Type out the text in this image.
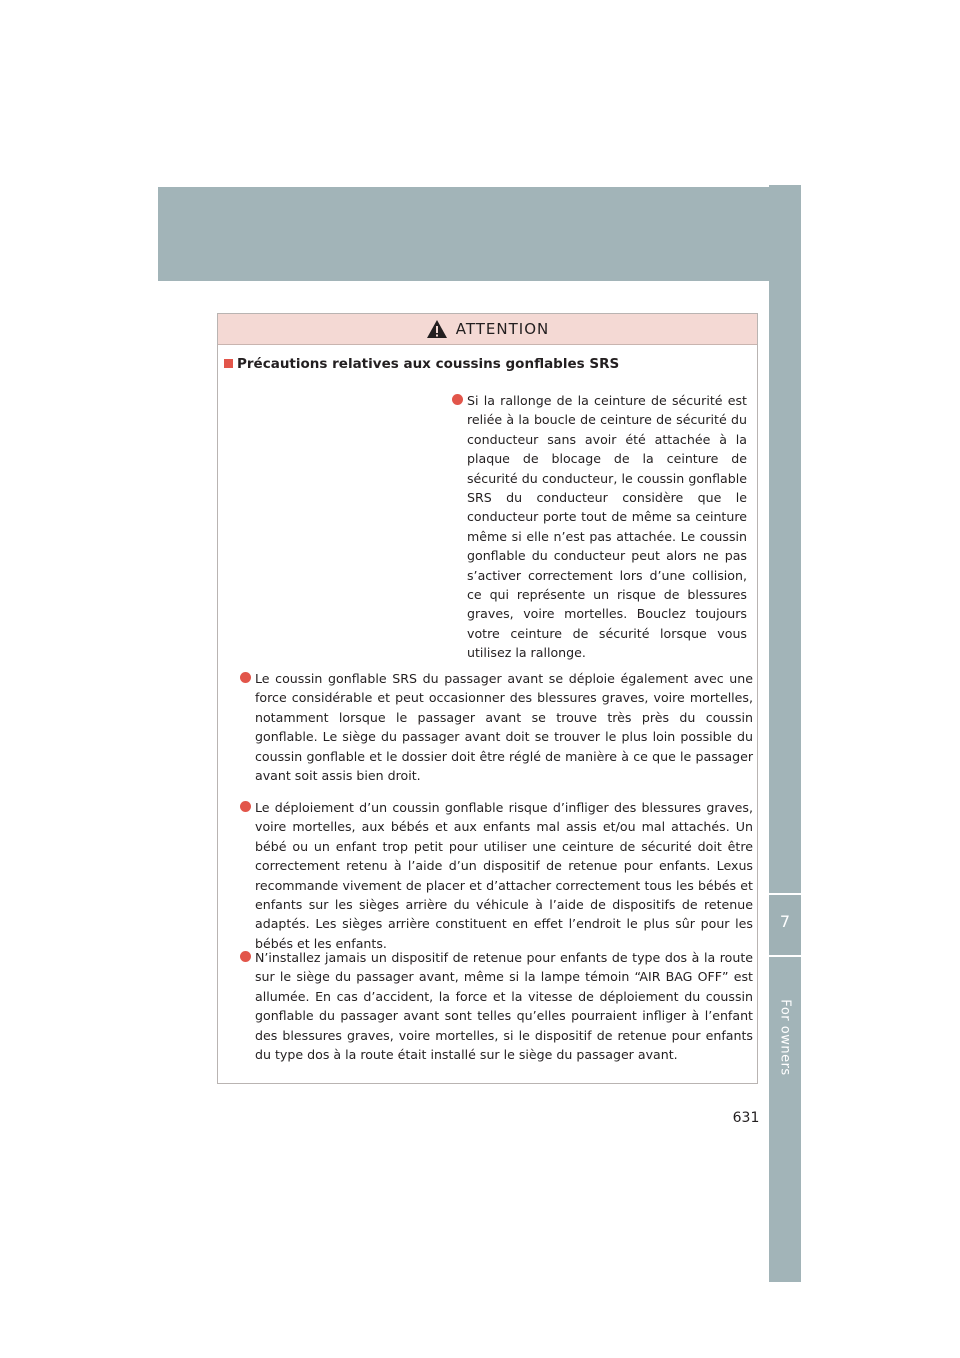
7
For owners
ATTENTION
Précautions relatives aux coussins gonflables SRS
Si la rallonge de la ceinture de sécurité est reliée à la boucle de ceinture de sécurité du conducteur sans avoir été attachée à la plaque de blocage de la ceinture de sécurité du conducteur, le coussin gonflable SRS du conducteur considère que le conducteur porte tout de même sa ceinture même si elle n’est pas attachée. Le coussin gonflable du conducteur peut alors ne pas s’activer correctement lors d’une collision, ce qui représente un risque de blessures graves, voire mortelles. Bouclez toujours votre ceinture de sécurité lorsque vous utilisez la rallonge.
Le coussin gonflable SRS du passager avant se déploie également avec une force considérable et peut occasionner des blessures graves, voire mortelles, notamment lorsque le passager avant se trouve très près du coussin gonflable. Le siège du passager avant doit se trouver le plus loin possible du coussin gonflable et le dossier doit être réglé de manière à ce que le passager avant soit assis bien droit.
Le déploiement d’un coussin gonflable risque d’infliger des blessures graves, voire mortelles, aux bébés et aux enfants mal assis et/ou mal attachés. Un bébé ou un enfant trop petit pour utiliser une ceinture de sécurité doit être correctement retenu à l’aide d’un dispositif de retenue pour enfants. Lexus recommande vivement de placer et d’attacher correctement tous les bébés et enfants sur les sièges arrière du véhicule à l’aide de dispositifs de retenue adaptés. Les sièges arrière constituent en effet l’endroit le plus sûr pour les bébés et les enfants.
N’installez jamais un dispositif de retenue pour enfants de type dos à la route sur le siège du passager avant, même si la lampe témoin “AIR BAG OFF” est allumée. En cas d’accident, la force et la vitesse de déploiement du coussin gonflable du passager avant sont telles qu’elles pourraient infliger à l’enfant des blessures graves, voire mortelles, si le dispositif de retenue pour enfants du type dos à la route était installé sur le siège du passager avant.
631
